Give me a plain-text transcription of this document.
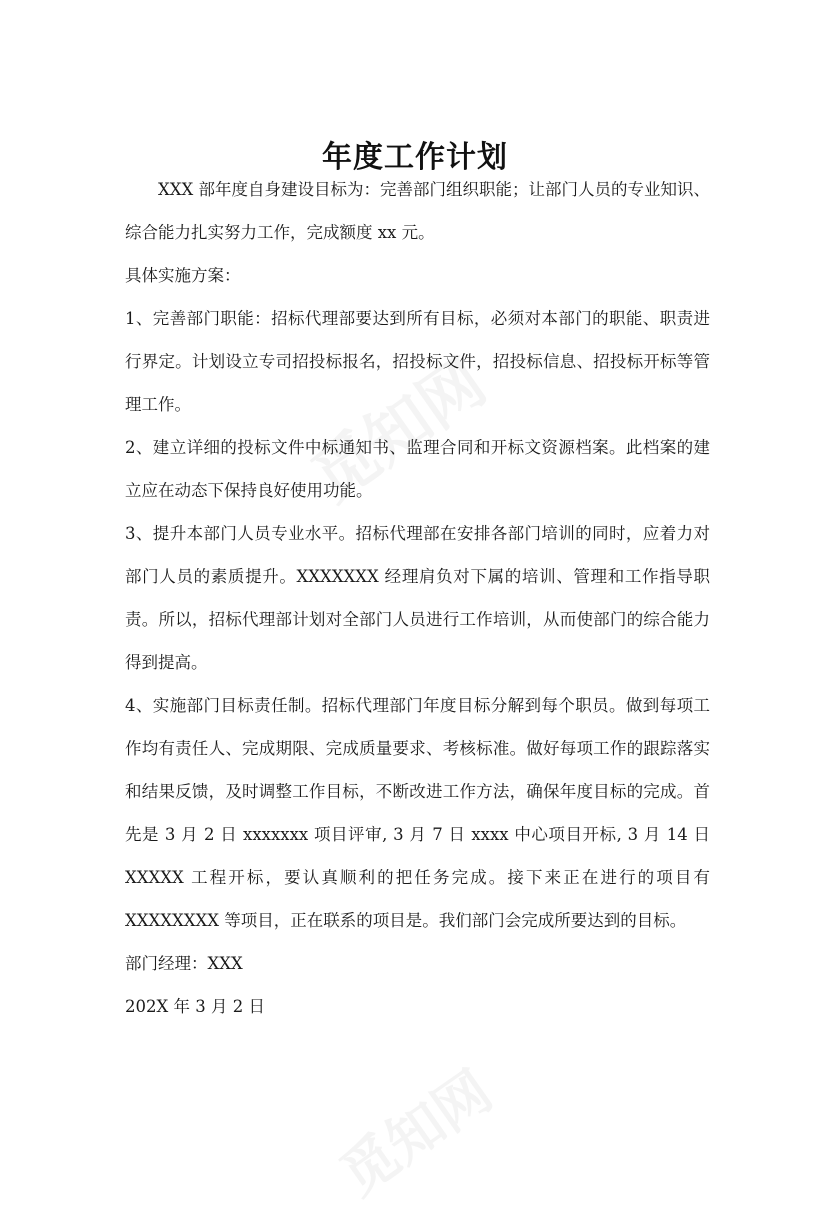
年度工作计划

XXX 部年度自身建设目标为：完善部门组织职能；让部门人员的专业知识、综合能力扎实努力工作，完成额度 xx 元。

具体实施方案：

1、完善部门职能：招标代理部要达到所有目标，必须对本部门的职能、职责进行界定。计划设立专司招投标报名，招投标文件，招投标信息、招投标开标等管理工作。

2、建立详细的投标文件中标通知书、监理合同和开标文资源档案。此档案的建立应在动态下保持良好使用功能。

3、提升本部门人员专业水平。招标代理部在安排各部门培训的同时，应着力对部门人员的素质提升。XXXXXXX 经理肩负对下属的培训、管理和工作指导职责。所以，招标代理部计划对全部门人员进行工作培训，从而使部门的综合能力得到提高。

4、实施部门目标责任制。招标代理部门年度目标分解到每个职员。做到每项工作均有责任人、完成期限、完成质量要求、考核标准。做好每项工作的跟踪落实和结果反馈，及时调整工作目标，不断改进工作方法，确保年度目标的完成。首先是 3 月 2 日 xxxxxxx 项目评审, 3 月 7 日 xxxx 中心项目开标, 3 月 14 日 XXXXX 工程开标，要认真顺利的把任务完成。接下来正在进行的项目有 XXXXXXXX 等项目，正在联系的项目是。我们部门会完成所要达到的目标。

部门经理：XXX

202X 年 3 月 2 日
